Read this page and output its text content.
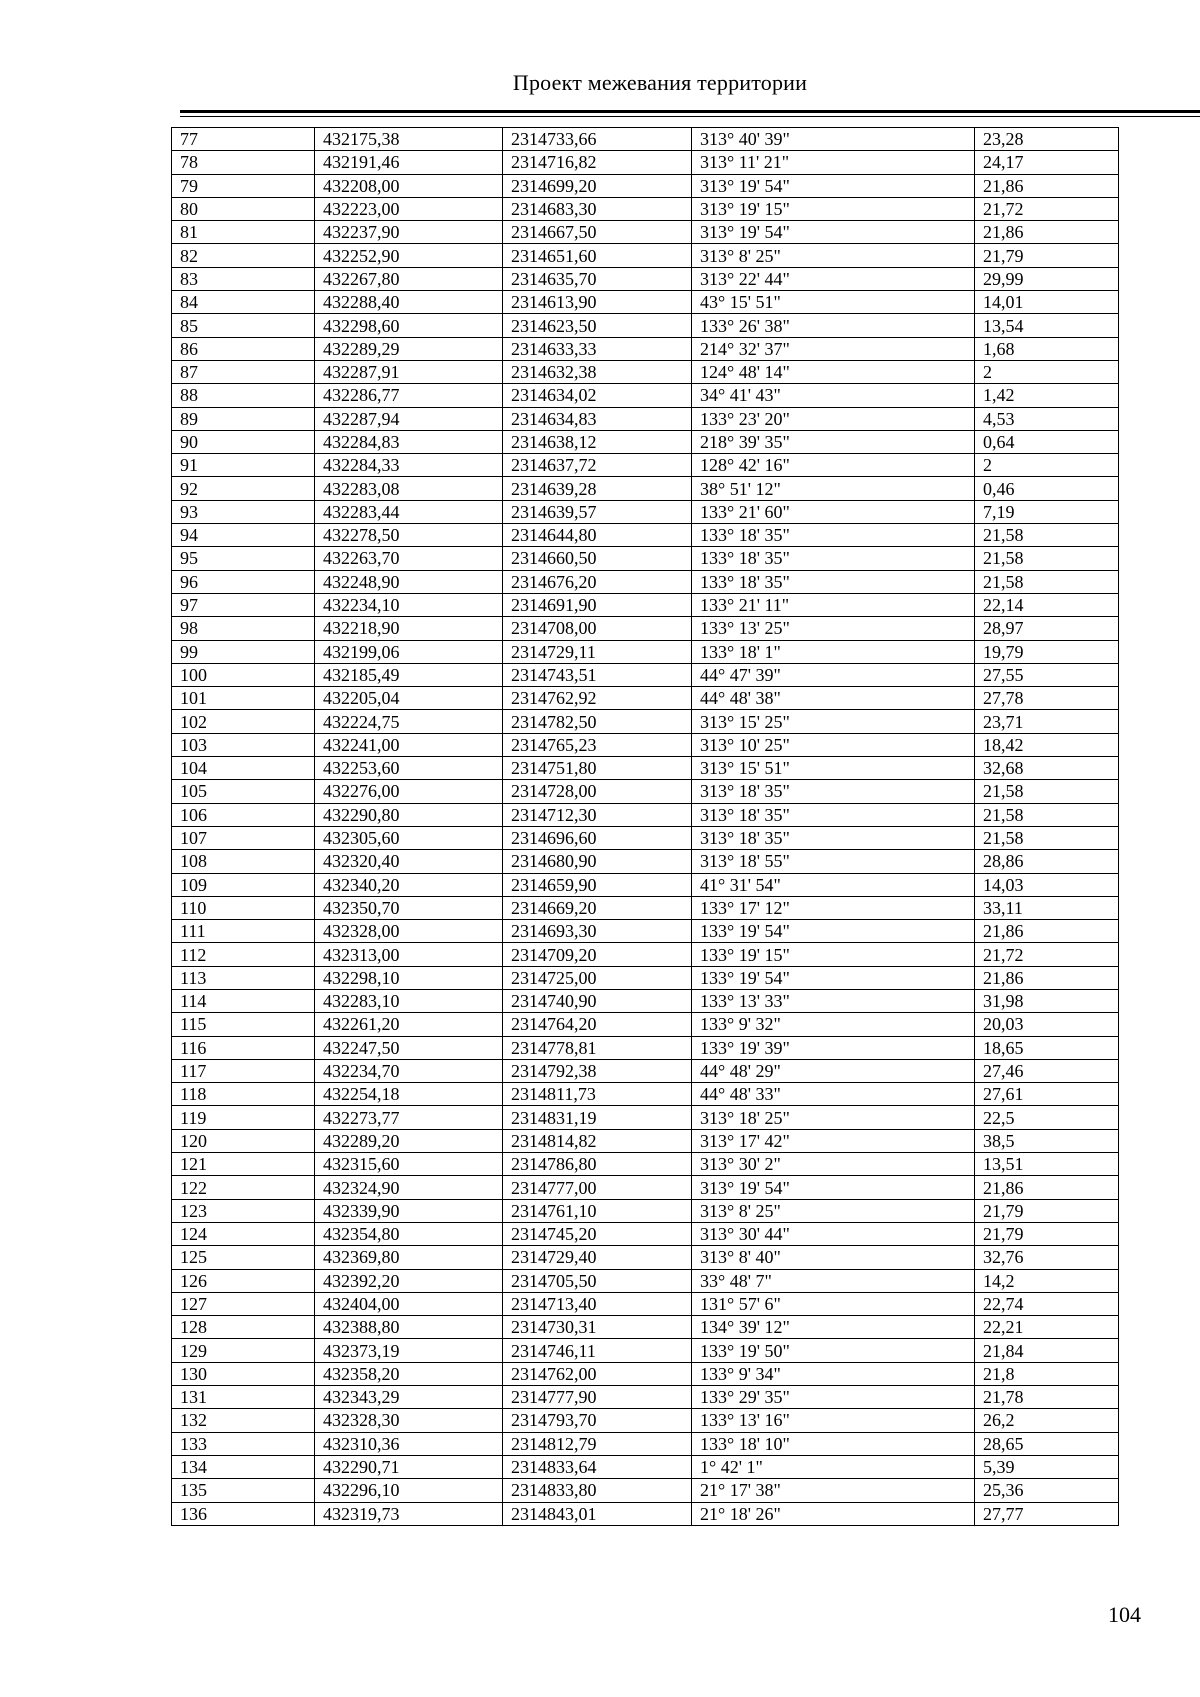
Проект межевания территории
77	432175,38	2314733,66	313° 40' 39"	23,28
78	432191,46	2314716,82	313° 11' 21"	24,17
79	432208,00	2314699,20	313° 19' 54"	21,86
80	432223,00	2314683,30	313° 19' 15"	21,72
81	432237,90	2314667,50	313° 19' 54"	21,86
82	432252,90	2314651,60	313° 8' 25"	21,79
83	432267,80	2314635,70	313° 22' 44"	29,99
84	432288,40	2314613,90	43° 15' 51"	14,01
85	432298,60	2314623,50	133° 26' 38"	13,54
86	432289,29	2314633,33	214° 32' 37"	1,68
87	432287,91	2314632,38	124° 48' 14"	2
88	432286,77	2314634,02	34° 41' 43"	1,42
89	432287,94	2314634,83	133° 23' 20"	4,53
90	432284,83	2314638,12	218° 39' 35"	0,64
91	432284,33	2314637,72	128° 42' 16"	2
92	432283,08	2314639,28	38° 51' 12"	0,46
93	432283,44	2314639,57	133° 21' 60"	7,19
94	432278,50	2314644,80	133° 18' 35"	21,58
95	432263,70	2314660,50	133° 18' 35"	21,58
96	432248,90	2314676,20	133° 18' 35"	21,58
97	432234,10	2314691,90	133° 21' 11"	22,14
98	432218,90	2314708,00	133° 13' 25"	28,97
99	432199,06	2314729,11	133° 18' 1"	19,79
100	432185,49	2314743,51	44° 47' 39"	27,55
101	432205,04	2314762,92	44° 48' 38"	27,78
102	432224,75	2314782,50	313° 15' 25"	23,71
103	432241,00	2314765,23	313° 10' 25"	18,42
104	432253,60	2314751,80	313° 15' 51"	32,68
105	432276,00	2314728,00	313° 18' 35"	21,58
106	432290,80	2314712,30	313° 18' 35"	21,58
107	432305,60	2314696,60	313° 18' 35"	21,58
108	432320,40	2314680,90	313° 18' 55"	28,86
109	432340,20	2314659,90	41° 31' 54"	14,03
110	432350,70	2314669,20	133° 17' 12"	33,11
111	432328,00	2314693,30	133° 19' 54"	21,86
112	432313,00	2314709,20	133° 19' 15"	21,72
113	432298,10	2314725,00	133° 19' 54"	21,86
114	432283,10	2314740,90	133° 13' 33"	31,98
115	432261,20	2314764,20	133° 9' 32"	20,03
116	432247,50	2314778,81	133° 19' 39"	18,65
117	432234,70	2314792,38	44° 48' 29"	27,46
118	432254,18	2314811,73	44° 48' 33"	27,61
119	432273,77	2314831,19	313° 18' 25"	22,5
120	432289,20	2314814,82	313° 17' 42"	38,5
121	432315,60	2314786,80	313° 30' 2"	13,51
122	432324,90	2314777,00	313° 19' 54"	21,86
123	432339,90	2314761,10	313° 8' 25"	21,79
124	432354,80	2314745,20	313° 30' 44"	21,79
125	432369,80	2314729,40	313° 8' 40"	32,76
126	432392,20	2314705,50	33° 48' 7"	14,2
127	432404,00	2314713,40	131° 57' 6"	22,74
128	432388,80	2314730,31	134° 39' 12"	22,21
129	432373,19	2314746,11	133° 19' 50"	21,84
130	432358,20	2314762,00	133° 9' 34"	21,8
131	432343,29	2314777,90	133° 29' 35"	21,78
132	432328,30	2314793,70	133° 13' 16"	26,2
133	432310,36	2314812,79	133° 18' 10"	28,65
134	432290,71	2314833,64	1° 42' 1"	5,39
135	432296,10	2314833,80	21° 17' 38"	25,36
136	432319,73	2314843,01	21° 18' 26"	27,77
104
